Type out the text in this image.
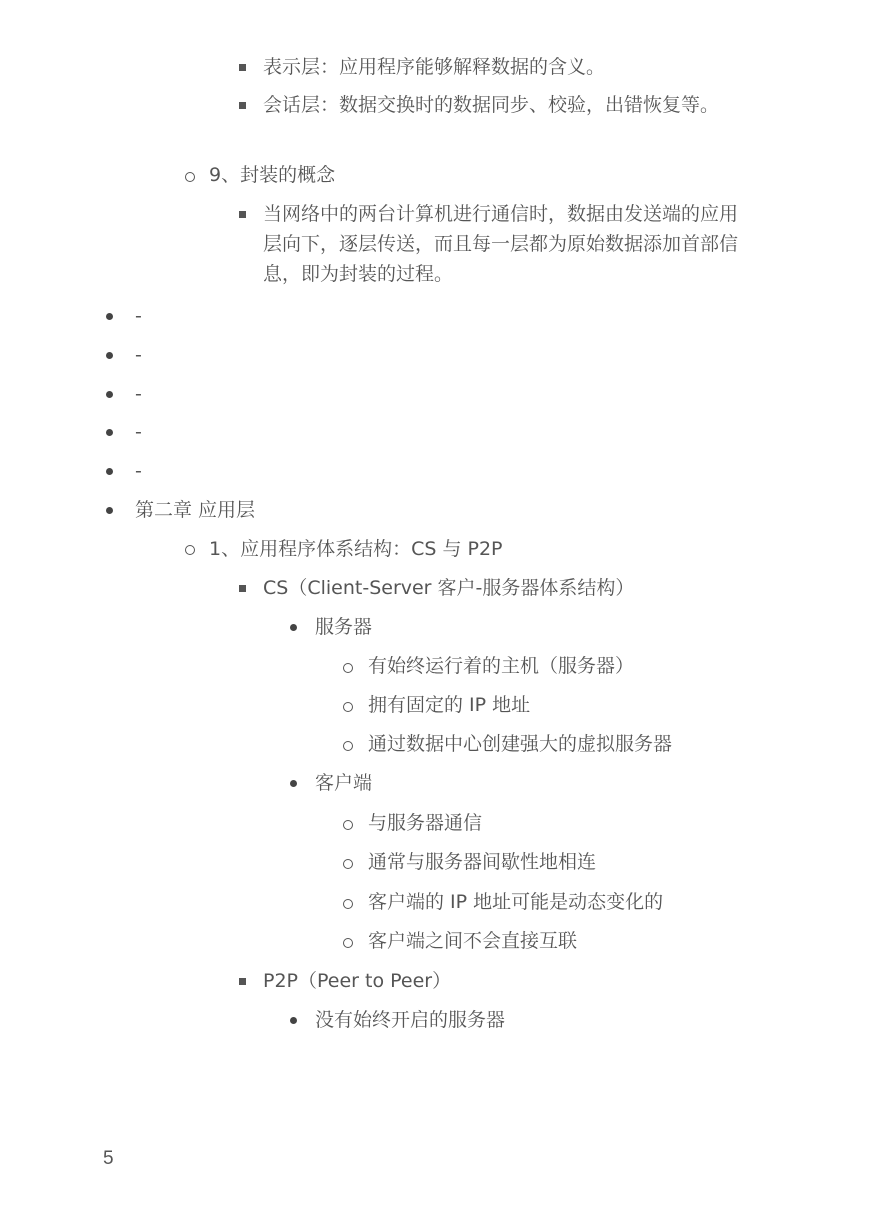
表示层：应用程序能够解释数据的含义。
会话层：数据交换时的数据同步、校验，出错恢复等。
9、封装的概念
当网络中的两台计算机进行通信时，数据由发送端的应用层向下，逐层传送，而且每一层都为原始数据添加首部信息，即为封装的过程。
-
-
-
-
-
第二章 应用层
1、应用程序体系结构：CS 与 P2P
CS（Client-Server 客户-服务器体系结构）
服务器
有始终运行着的主机（服务器）
拥有固定的 IP 地址
通过数据中心创建强大的虚拟服务器
客户端
与服务器通信
通常与服务器间歇性地相连
客户端的 IP 地址可能是动态变化的
客户端之间不会直接互联
P2P（Peer to Peer）
没有始终开启的服务器
5
